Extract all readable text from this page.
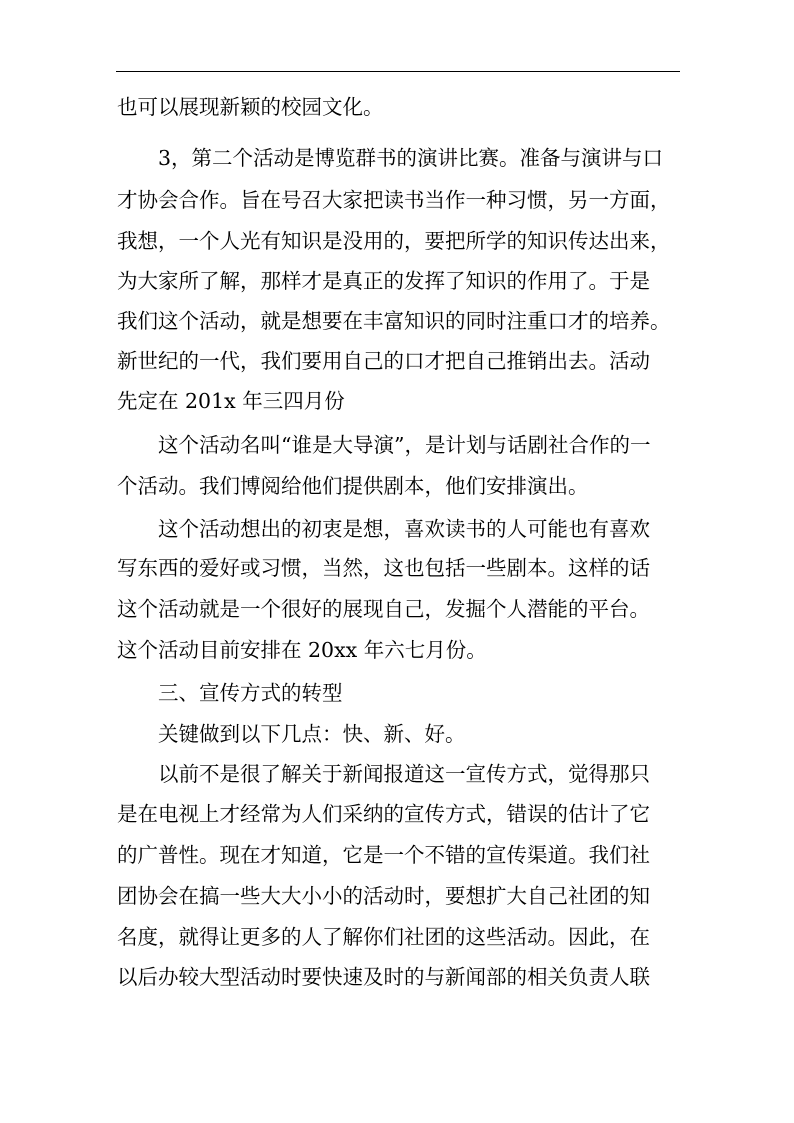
也可以展现新颖的校园文化。
3，第二个活动是博览群书的演讲比赛。准备与演讲与口
才协会合作。旨在号召大家把读书当作一种习惯，另一方面，
我想，一个人光有知识是没用的，要把所学的知识传达出来，
为大家所了解，那样才是真正的发挥了知识的作用了。于是
我们这个活动，就是想要在丰富知识的同时注重口才的培养。
新世纪的一代，我们要用自己的口才把自己推销出去。活动
先定在 201x 年三四月份
这个活动名叫“谁是大导演”，是计划与话剧社合作的一
个活动。我们博阅给他们提供剧本，他们安排演出。
这个活动想出的初衷是想，喜欢读书的人可能也有喜欢
写东西的爱好或习惯，当然，这也包括一些剧本。这样的话
这个活动就是一个很好的展现自己，发掘个人潜能的平台。
这个活动目前安排在 20xx 年六七月份。
三、宣传方式的转型
关键做到以下几点：快、新、好。
以前不是很了解关于新闻报道这一宣传方式，觉得那只
是在电视上才经常为人们采纳的宣传方式，错误的估计了它
的广普性。现在才知道，它是一个不错的宣传渠道。我们社
团协会在搞一些大大小小的活动时，要想扩大自己社团的知
名度，就得让更多的人了解你们社团的这些活动。因此，在
以后办较大型活动时要快速及时的与新闻部的相关负责人联
